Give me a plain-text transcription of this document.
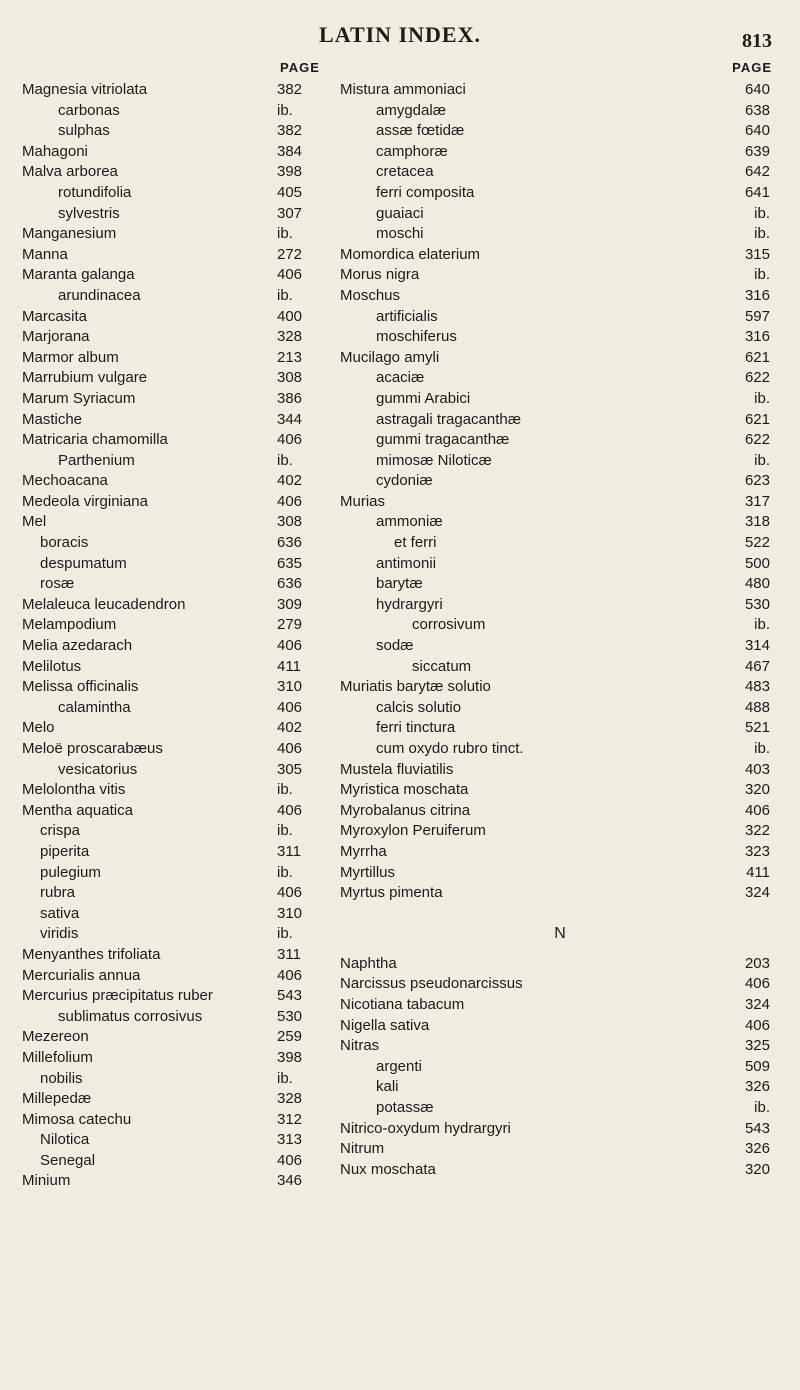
LATIN INDEX.	813
PAGE
Magnesia vitriolata	382
carbonas	ib.
sulphas	382
Mahagoni	384
Malva arborea	398
rotundifolia	405
sylvestris	307
Manganesium	ib.
Manna	272
Maranta galanga	406
arundinacea	ib.
Marcasita	400
Marjorana	328
Marmor album	213
Marrubium vulgare	308
Marum Syriacum	386
Mastiche	344
Matricaria chamomilla	406
Parthenium	ib.
Mechoacana	402
Medeola virginiana	406
Mel	308
boracis	636
despumatum	635
rosæ	636
Melaleuca leucadendron	309
Melampodium	279
Melia azedarach	406
Melilotus	411
Melissa officinalis	310
calamintha	406
Melo	402
Meloë proscarabæus	406
vesicatorius	305
Melolontha vitis	ib.
Mentha aquatica	406
crispa	ib.
piperita	311
pulegium	ib.
rubra	406
sativa	310
viridis	ib.
Menyanthes trifoliata	311
Mercurialis annua	406
Mercurius præcipitatus ruber	543
sublimatus corrosivus	530
Mezereon	259
Millefolium	398
nobilis	ib.
Millepedæ	328
Mimosa catechu	312
Nilotica	313
Senegal	406
Minium	346
PAGE
Mistura ammoniaci	640
amygdalæ	638
assæ fœtidæ	640
camphoræ	639
cretacea	642
ferri composita	641
guaiaci	ib.
moschi	ib.
Momordica elaterium	315
Morus nigra	ib.
Moschus	316
artificialis	597
moschiferus	316
Mucilago amyli	621
acaciæ	622
gummi Arabici	ib.
astragali tragacanthæ	621
gummi tragacanthæ	622
mimosæ Niloticæ	ib.
cydoniæ	623
Murias	317
ammoniæ	318
et ferri	522
antimonii	500
barytæ	480
hydrargyri	530
corrosivum	ib.
sodæ	314
siccatum	467
Muriatis barytæ solutio	483
calcis solutio	488
ferri tinctura	521
cum oxydo rubro tinct.	ib.
Mustela fluviatilis	403
Myristica moschata	320
Myrobalanus citrina	406
Myroxylon Peruiferum	322
Myrrha	323
Myrtillus	411
Myrtus pimenta	324
N
Naphtha	203
Narcissus pseudonarcissus	406
Nicotiana tabacum	324
Nigella sativa	406
Nitras	325
argenti	509
kali	326
potassæ	ib.
Nitrico-oxydum hydrargyri	543
Nitrum	326
Nux moschata	320
